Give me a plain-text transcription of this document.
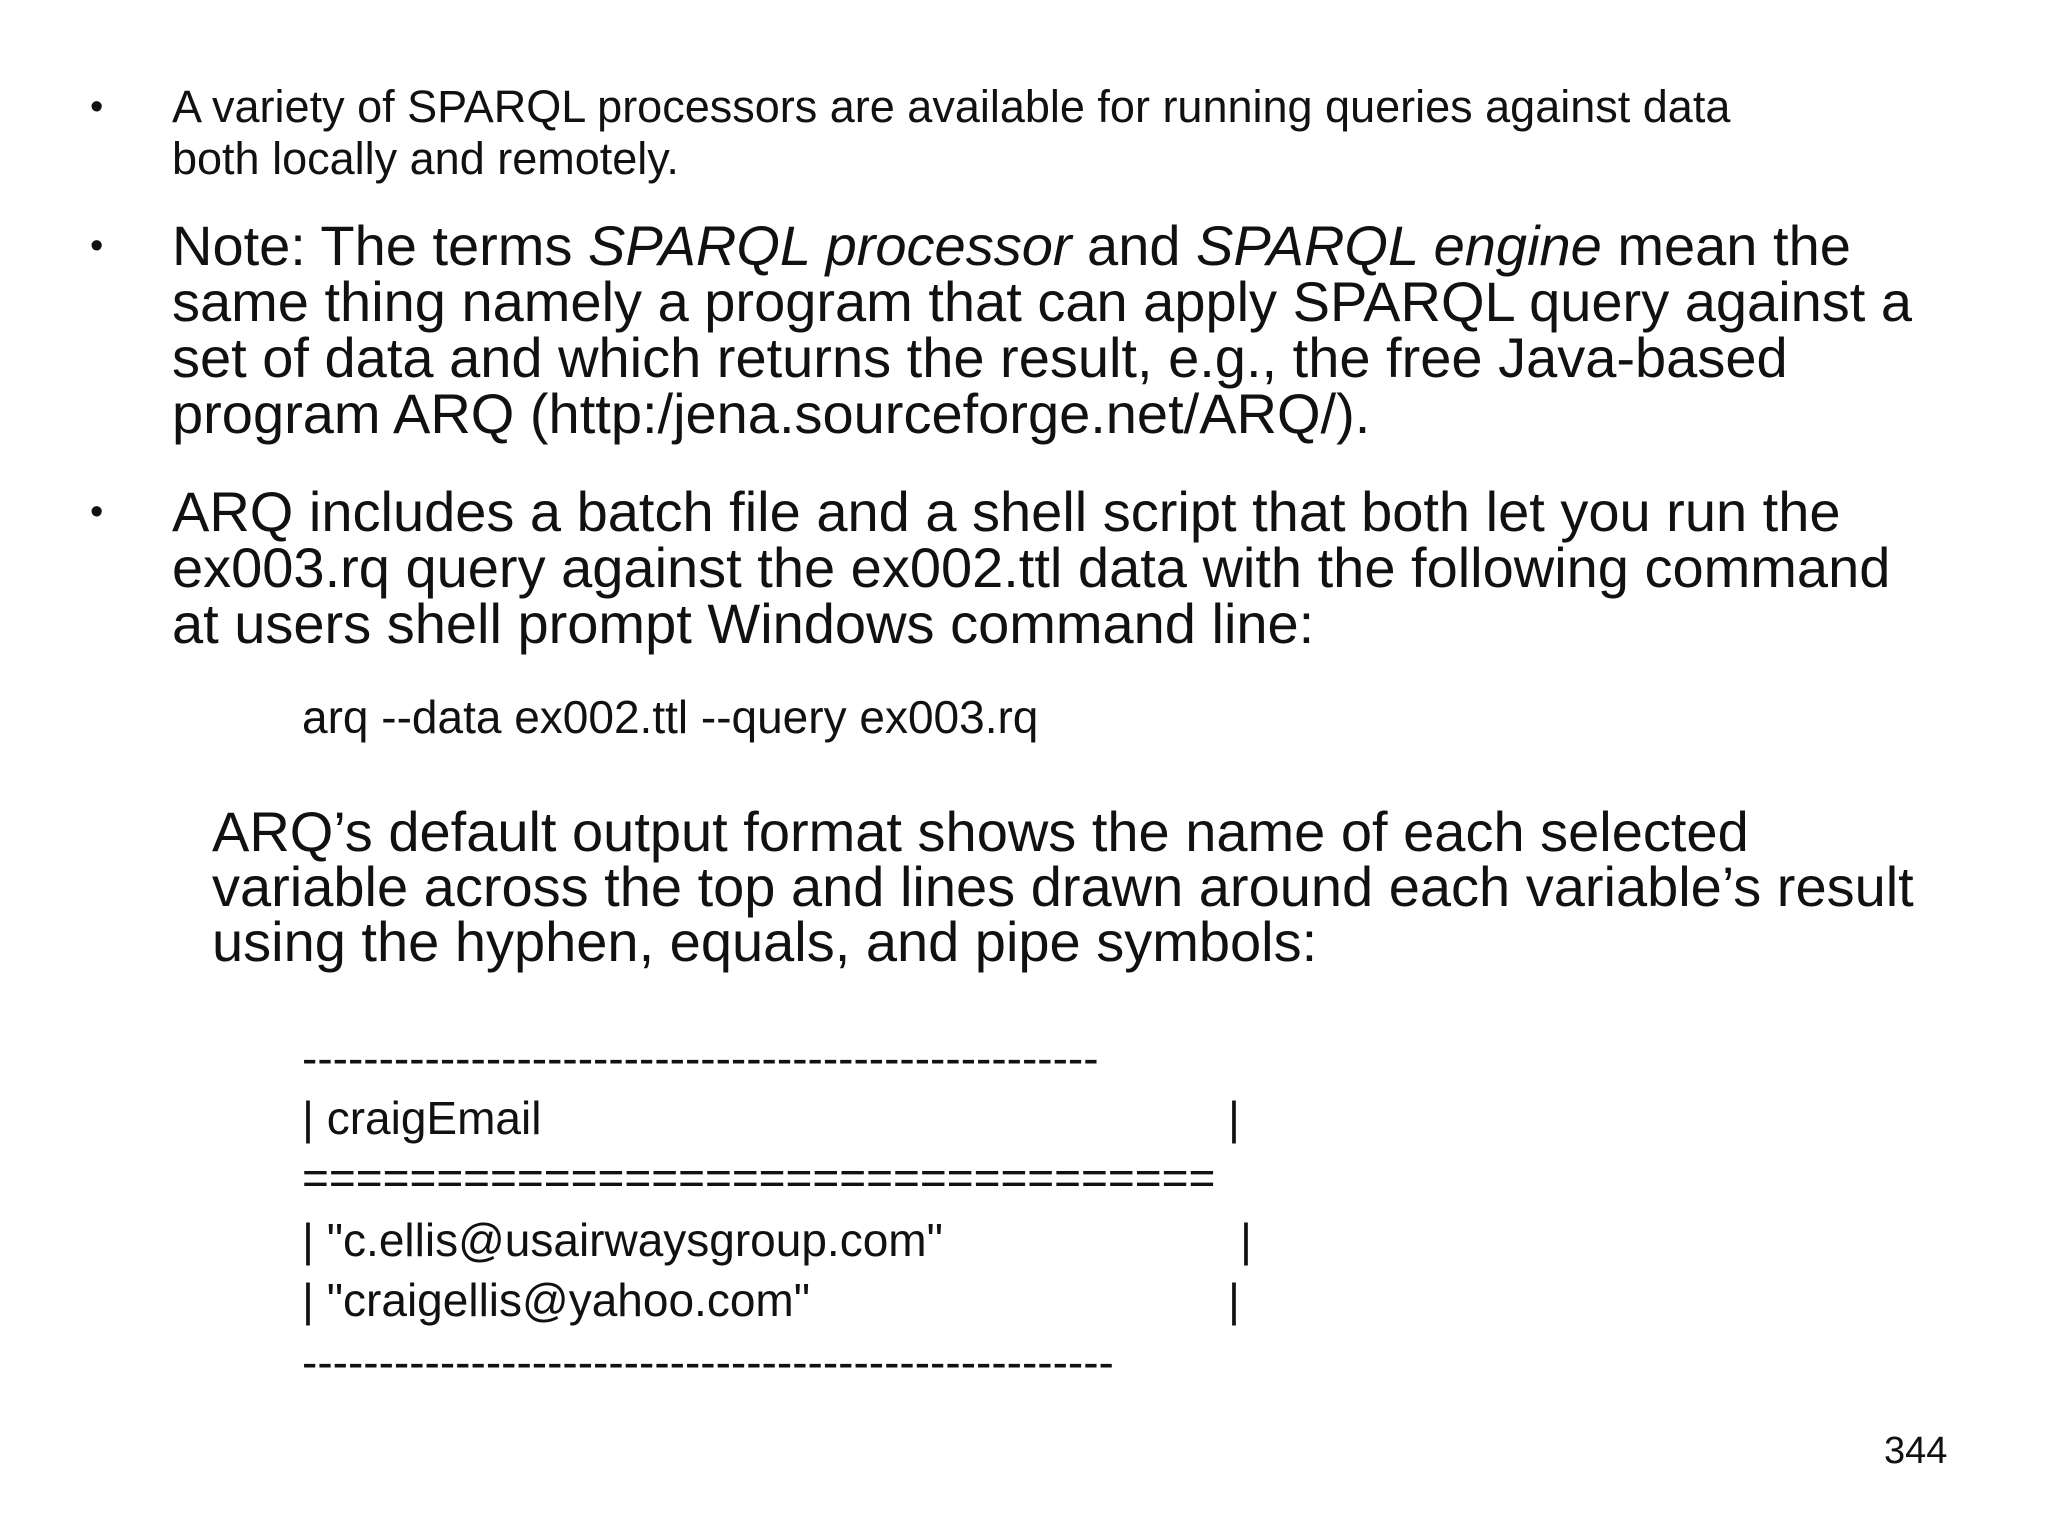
• A variety of SPARQL processors are available for running queries against data
both locally and remotely.
• Note: The terms SPARQL processor and SPARQL engine mean the
same thing namely a program that can apply SPARQL query against a
set of data and which returns the result, e.g., the free Java-based
program ARQ (http:/jena.sourceforge.net/ARQ/).
• ARQ includes a batch file and a shell script that both let you run the
ex003.rq query against the ex002.ttl data with the following command
at users shell prompt Windows command line:
arq --data ex002.ttl --query ex003.rq
ARQ’s default output format shows the name of each selected
variable across the top and lines drawn around each variable’s result
using the hyphen, equals, and pipe symbols:
----------------------------------------------------
| craigEmail	|
==================================
| "c.ellis@usairwaysgroup.com"	|
| "craigellis@yahoo.com"	|
-----------------------------------------------------
344
